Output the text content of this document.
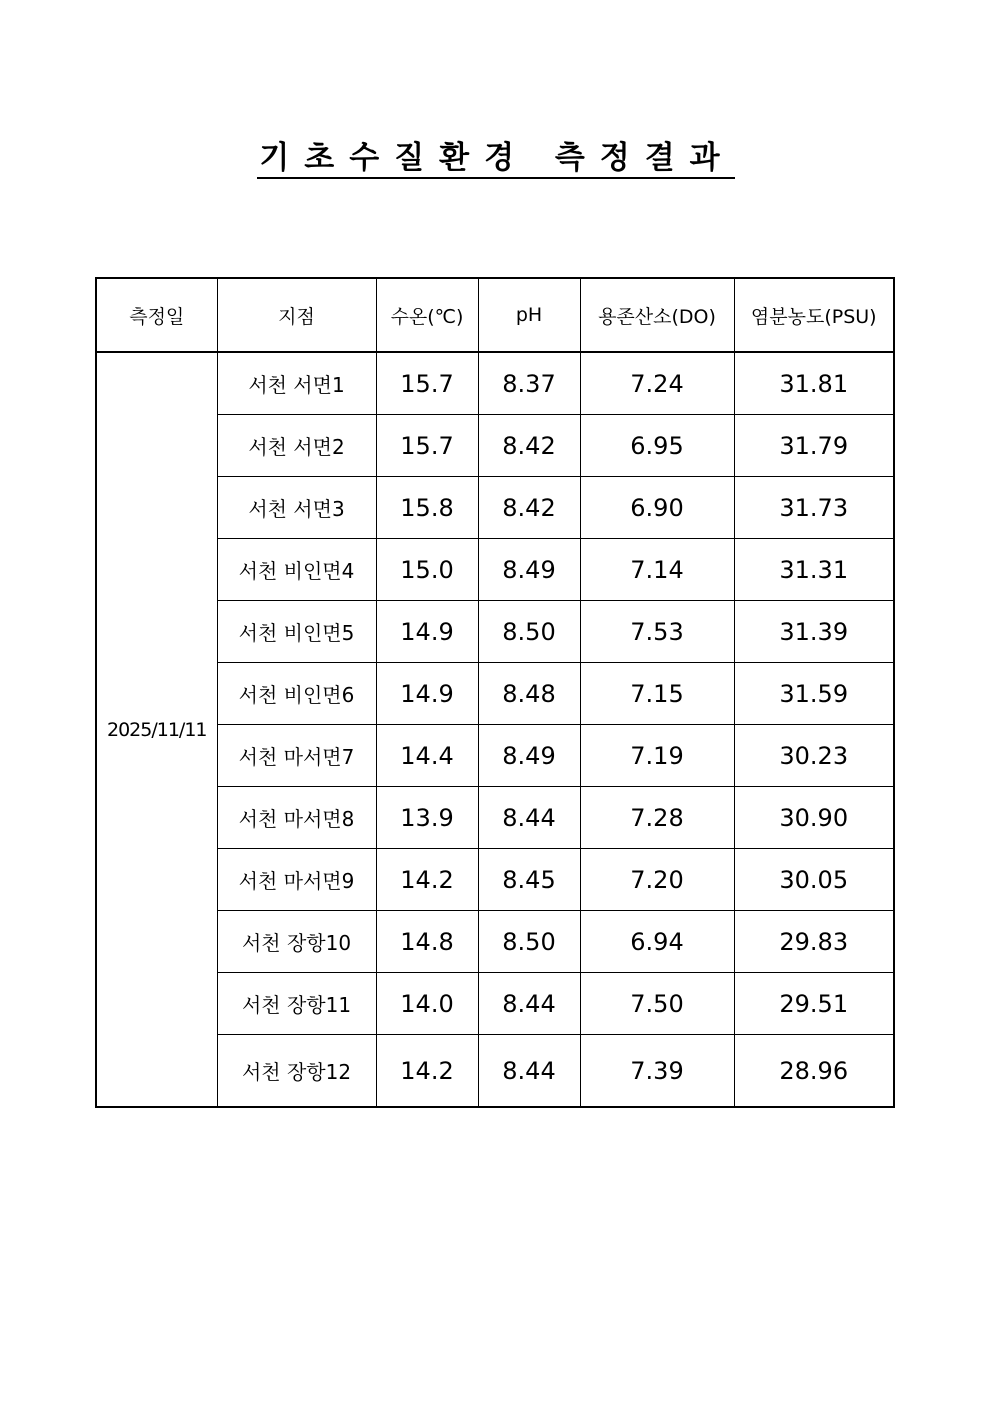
기초수질환경 측정결과
측정일	지점	수온(℃)	pH	용존산소(DO)	염분농도(PSU)
2025/11/11	서천 서면1	15.7	8.37	7.24	31.81
	서천 서면2	15.7	8.42	6.95	31.79
	서천 서면3	15.8	8.42	6.90	31.73
	서천 비인면4	15.0	8.49	7.14	31.31
	서천 비인면5	14.9	8.50	7.53	31.39
	서천 비인면6	14.9	8.48	7.15	31.59
	서천 마서면7	14.4	8.49	7.19	30.23
	서천 마서면8	13.9	8.44	7.28	30.90
	서천 마서면9	14.2	8.45	7.20	30.05
	서천 장항10	14.8	8.50	6.94	29.83
	서천 장항11	14.0	8.44	7.50	29.51
	서천 장항12	14.2	8.44	7.39	28.96
